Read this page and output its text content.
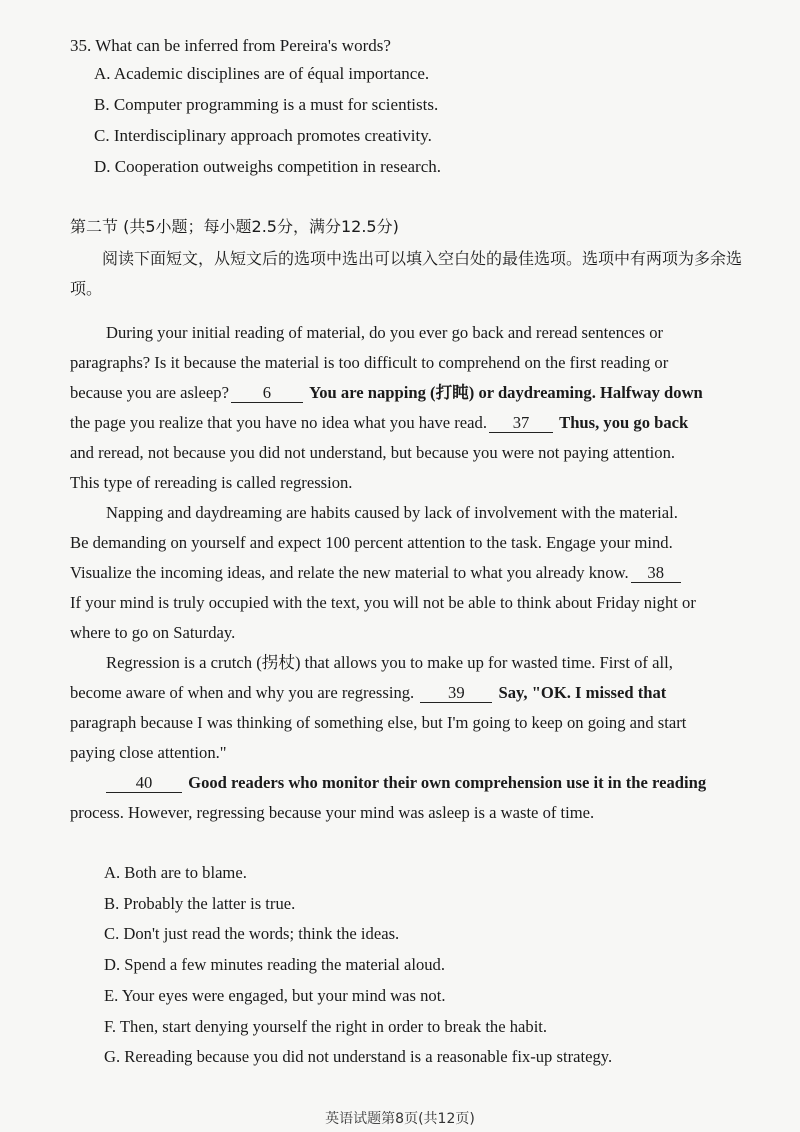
35. What can be inferred from Pereira's words?
A. Academic disciplines are of équal importance.
B. Computer programming is a must for scientists.
C. Interdisciplinary approach promotes creativity.
D. Cooperation outweighs competition in research.
第二节 (共5小题；每小题2.5分，满分12.5分)
阅读下面短文，从短文后的选项中选出可以填入空白处的最佳选项。选项中有两项为多余选项。
During your initial reading of material, do you ever go back and reread sentences or
paragraphs? Is it because the material is too difficult to comprehend on the first reading or
because you are asleep? 6 You are napping (打盹) or daydreaming. Halfway down
the page you realize that you have no idea what you have read. 37 Thus, you go back
and reread, not because you did not understand, but because you were not paying attention.
This type of rereading is called regression.
Napping and daydreaming are habits caused by lack of involvement with the material.
Be demanding on yourself and expect 100 percent attention to the task. Engage your mind.
Visualize the incoming ideas, and relate the new material to what you already know. 38
If your mind is truly occupied with the text, you will not be able to think about Friday night or
where to go on Saturday.
Regression is a crutch (拐杖) that allows you to make up for wasted time. First of all,
become aware of when and why you are regressing. 39 Say, "OK. I missed that
paragraph because I was thinking of something else, but I'm going to keep on going and start
paying close attention."
40 Good readers who monitor their own comprehension use it in the reading
process. However, regressing because your mind was asleep is a waste of time.
A. Both are to blame.
B. Probably the latter is true.
C. Don't just read the words; think the ideas.
D. Spend a few minutes reading the material aloud.
E. Your eyes were engaged, but your mind was not.
F. Then, start denying yourself the right in order to break the habit.
G. Rereading because you did not understand is a reasonable fix-up strategy.
英语试题第8页(共12页)
